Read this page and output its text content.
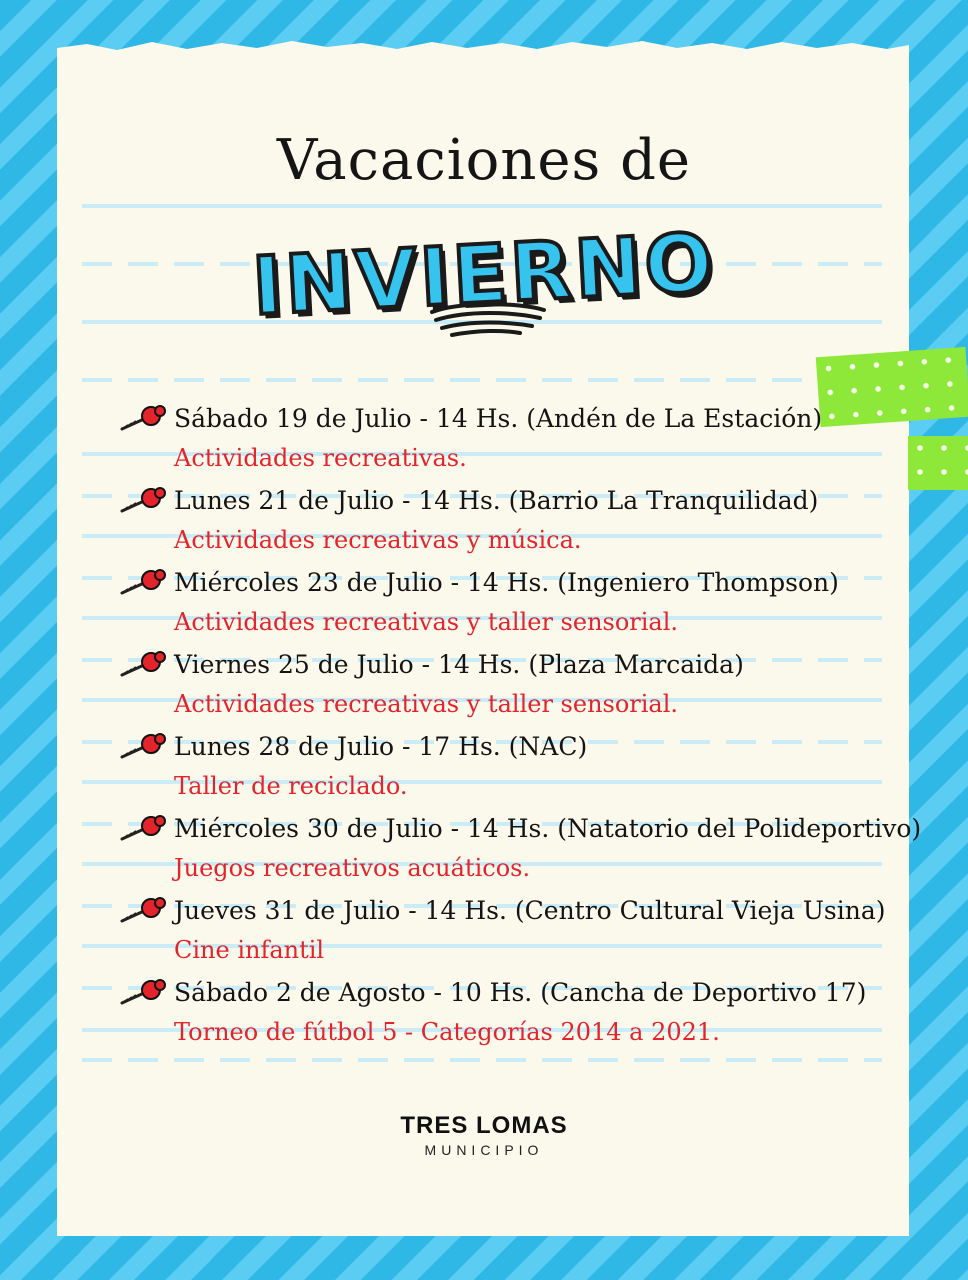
Vacaciones de
INVIERNO
Sábado 19 de Julio - 14 Hs. (Andén de La Estación)
Actividades recreativas.
Lunes 21 de Julio - 14 Hs. (Barrio La Tranquilidad)
Actividades recreativas y música.
Miércoles 23 de Julio - 14 Hs. (Ingeniero Thompson)
Actividades recreativas y taller sensorial.
Viernes 25 de Julio - 14 Hs. (Plaza Marcaida)
Actividades recreativas y taller sensorial.
Lunes 28 de Julio - 17 Hs. (NAC)
Taller de reciclado.
Miércoles 30 de Julio - 14 Hs. (Natatorio del Polideportivo)
Juegos recreativos acuáticos.
Jueves 31 de Julio - 14 Hs. (Centro Cultural Vieja Usina)
Cine infantil
Sábado 2 de Agosto - 10 Hs. (Cancha de Deportivo 17)
Torneo de fútbol 5 - Categorías 2014 a 2021.
TRES LOMAS
MUNICIPIO
